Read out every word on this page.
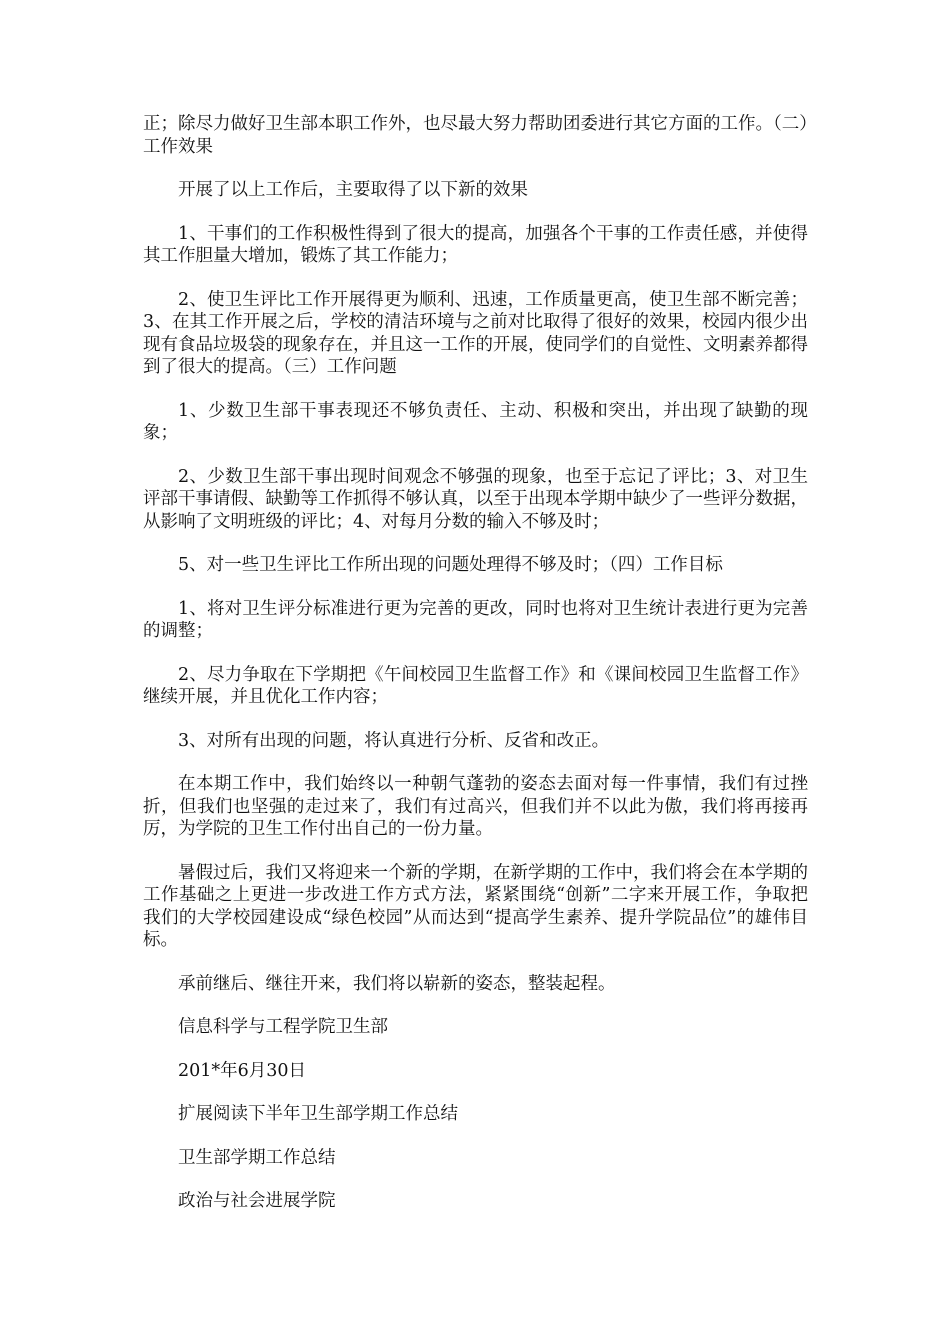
正；除尽力做好卫生部本职工作外，也尽最大努力帮助团委进行其它方面的工作。（二）工作效果

开展了以上工作后，主要取得了以下新的效果

1、干事们的工作积极性得到了很大的提高，加强各个干事的工作责任感，并使得其工作胆量大增加，锻炼了其工作能力；

2、使卫生评比工作开展得更为顺利、迅速，工作质量更高，使卫生部不断完善；3、在其工作开展之后，学校的清洁环境与之前对比取得了很好的效果，校园内很少出现有食品垃圾袋的现象存在，并且这一工作的开展，使同学们的自觉性、文明素养都得到了很大的提高。（三）工作问题

1、少数卫生部干事表现还不够负责任、主动、积极和突出，并出现了缺勤的现象；

2、少数卫生部干事出现时间观念不够强的现象，也至于忘记了评比；3、对卫生评部干事请假、缺勤等工作抓得不够认真，以至于出现本学期中缺少了一些评分数据，从影响了文明班级的评比；4、对每月分数的输入不够及时；

5、对一些卫生评比工作所出现的问题处理得不够及时；（四）工作目标

1、将对卫生评分标准进行更为完善的更改，同时也将对卫生统计表进行更为完善的调整；

2、尽力争取在下学期把《午间校园卫生监督工作》和《课间校园卫生监督工作》继续开展，并且优化工作内容；

3、对所有出现的问题，将认真进行分析、反省和改正。

在本期工作中，我们始终以一种朝气蓬勃的姿态去面对每一件事情，我们有过挫折，但我们也坚强的走过来了，我们有过高兴，但我们并不以此为傲，我们将再接再厉，为学院的卫生工作付出自己的一份力量。

暑假过后，我们又将迎来一个新的学期，在新学期的工作中，我们将会在本学期的工作基础之上更进一步改进工作方式方法，紧紧围绕“创新”二字来开展工作，争取把我们的大学校园建设成“绿色校园”从而达到“提高学生素养、提升学院品位”的雄伟目标。

承前继后、继往开来，我们将以崭新的姿态，整装起程。

信息科学与工程学院卫生部

201*年6月30日

扩展阅读下半年卫生部学期工作总结

卫生部学期工作总结

政治与社会进展学院
